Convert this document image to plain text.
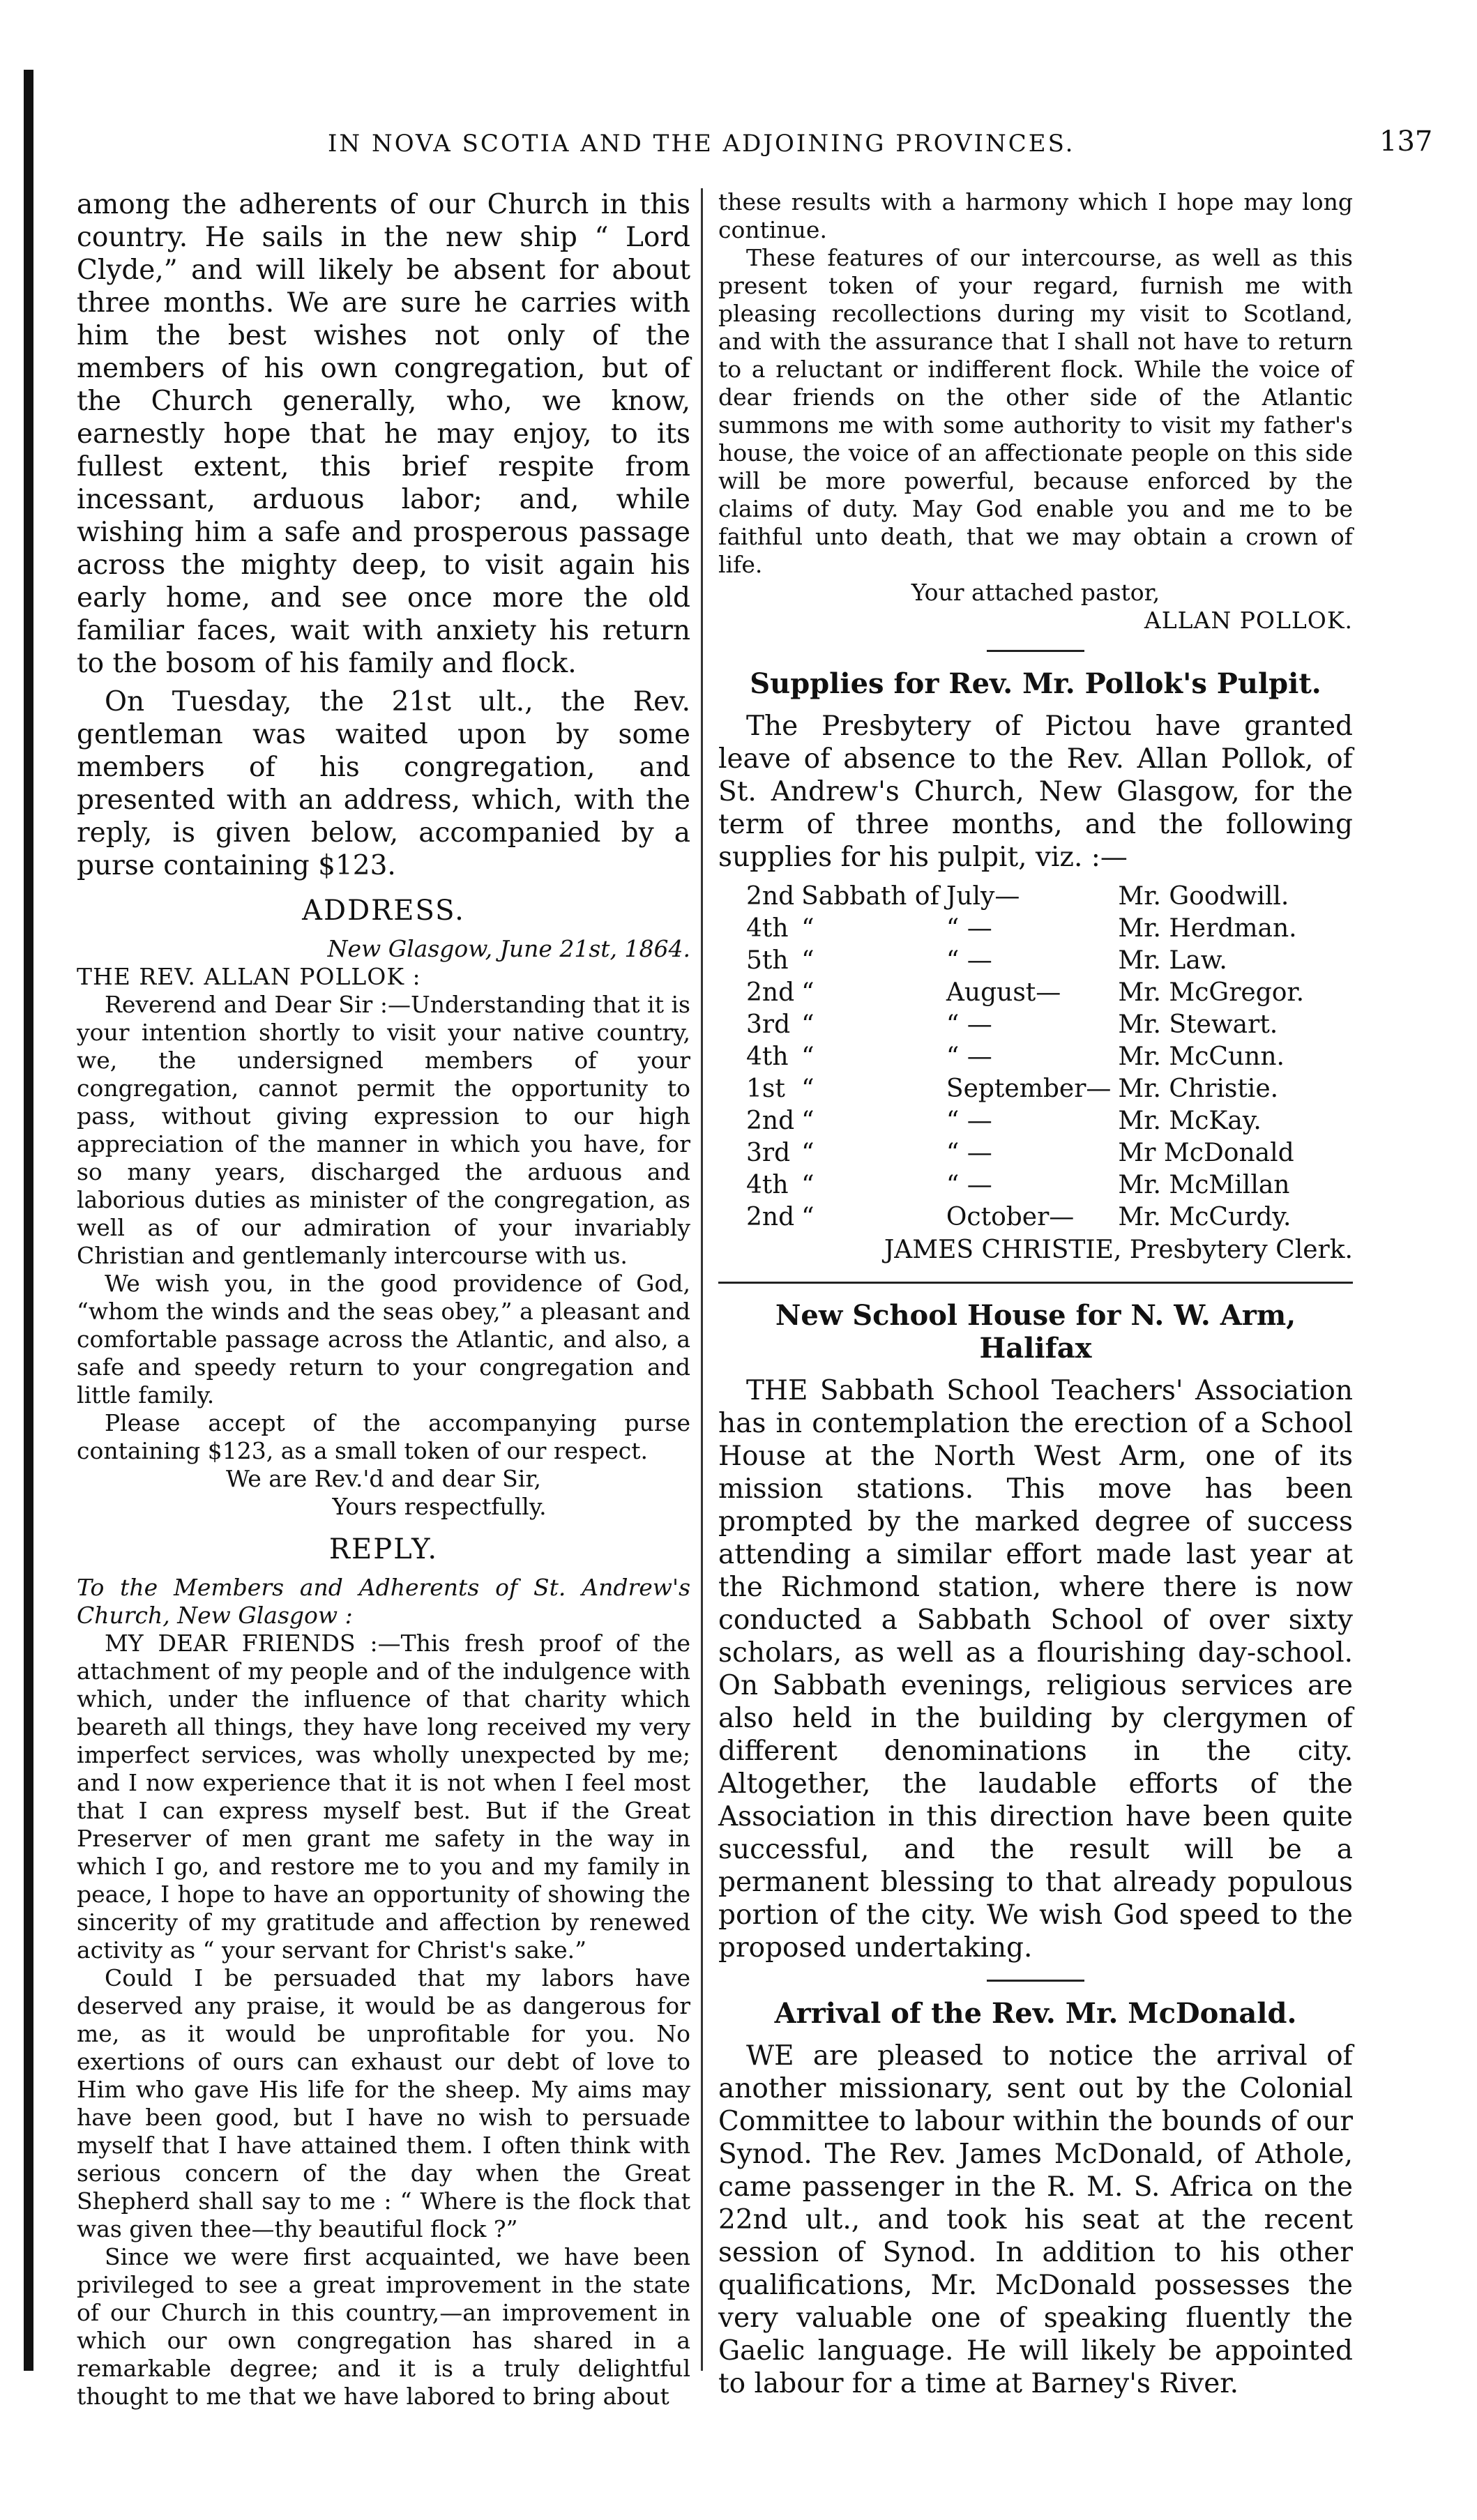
IN NOVA SCOTIA AND THE ADJOINING PROVINCES.	137

among the adherents of our Church in this country. He sails in the new ship “ Lord Clyde,” and will likely be absent for about three months. We are sure he carries with him the best wishes not only of the members of his own congregation, but of the Church generally, who, we know, earnestly hope that he may enjoy, to its fullest extent, this brief respite from incessant, arduous labor; and, while wishing him a safe and prosperous passage across the mighty deep, to visit again his early home, and see once more the old familiar faces, wait with anxiety his return to the bosom of his family and flock.

On Tuesday, the 21st ult., the Rev. gentleman was waited upon by some members of his congregation, and presented with an address, which, with the reply, is given below, accompanied by a purse containing $123.

ADDRESS.

New Glasgow, June 21st, 1864.

THE REV. ALLAN POLLOK :

Reverend and Dear Sir :—Understanding that it is your intention shortly to visit your native country, we, the undersigned members of your congregation, cannot permit the opportunity to pass, without giving expression to our high appreciation of the manner in which you have, for so many years, discharged the arduous and laborious duties as minister of the congregation, as well as of our admiration of your invariably Christian and gentlemanly intercourse with us.

We wish you, in the good providence of God, “whom the winds and the seas obey,” a pleasant and comfortable passage across the Atlantic, and also, a safe and speedy return to your congregation and little family.

Please accept of the accompanying purse containing $123, as a small token of our respect.

We are Rev.'d and dear Sir,

Yours respectfully.

REPLY.

To the Members and Adherents of St. Andrew's Church, New Glasgow :

MY DEAR FRIENDS :—This fresh proof of the attachment of my people and of the indulgence with which, under the influence of that charity which beareth all things, they have long received my very imperfect services, was wholly unexpected by me; and I now experience that it is not when I feel most that I can express myself best. But if the Great Preserver of men grant me safety in the way in which I go, and restore me to you and my family in peace, I hope to have an opportunity of showing the sincerity of my gratitude and affection by renewed activity as “ your servant for Christ's sake.”

Could I be persuaded that my labors have deserved any praise, it would be as dangerous for me, as it would be unprofitable for you. No exertions of ours can exhaust our debt of love to Him who gave His life for the sheep. My aims may have been good, but I have no wish to persuade myself that I have attained them. I often think with serious concern of the day when the Great Shepherd shall say to me : “ Where is the flock that was given thee—thy beautiful flock ?”

Since we were first acquainted, we have been privileged to see a great improvement in the state of our Church in this country,—an improvement in which our own congregation has shared in a remarkable degree; and it is a truly delightful thought to me that we have labored to bring about

these results with a harmony which I hope may long continue.

These features of our intercourse, as well as this present token of your regard, furnish me with pleasing recollections during my visit to Scotland, and with the assurance that I shall not have to return to a reluctant or indifferent flock. While the voice of dear friends on the other side of the Atlantic summons me with some authority to visit my father's house, the voice of an affectionate people on this side will be more powerful, because enforced by the claims of duty. May God enable you and me to be faithful unto death, that we may obtain a crown of life.

Your attached pastor,

ALLAN POLLOK.

Supplies for Rev. Mr. Pollok's Pulpit.

The Presbytery of Pictou have granted leave of absence to the Rev. Allan Pollok, of St. Andrew's Church, New Glasgow, for the term of three months, and the following supplies for his pulpit, viz. :—

2nd	Sabbath of	July—	Mr. Goodwill.
4th	“	“ —	Mr. Herdman.
5th	“	“ —	Mr. Law.
2nd	“	August—	Mr. McGregor.
3rd	“	“ —	Mr. Stewart.
4th	“	“ —	Mr. McCunn.
1st	“	September—	Mr. Christie.
2nd	“	“ —	Mr. McKay.
3rd	“	“ —	Mr McDonald
4th	“	“ —	Mr. McMillan
2nd	“	October—	Mr. McCurdy.

JAMES CHRISTIE, Presbytery Clerk.

New School House for N. W. Arm, Halifax

THE Sabbath School Teachers' Association has in contemplation the erection of a School House at the North West Arm, one of its mission stations. This move has been prompted by the marked degree of success attending a similar effort made last year at the Richmond station, where there is now conducted a Sabbath School of over sixty scholars, as well as a flourishing day-school. On Sabbath evenings, religious services are also held in the building by clergymen of different denominations in the city. Altogether, the laudable efforts of the Association in this direction have been quite successful, and the result will be a permanent blessing to that already populous portion of the city. We wish God speed to the proposed undertaking.

Arrival of the Rev. Mr. McDonald.

WE are pleased to notice the arrival of another missionary, sent out by the Colonial Committee to labour within the bounds of our Synod. The Rev. James McDonald, of Athole, came passenger in the R. M. S. Africa on the 22nd ult., and took his seat at the recent session of Synod. In addition to his other qualifications, Mr. McDonald possesses the very valuable one of speaking fluently the Gaelic language. He will likely be appointed to labour for a time at Barney's River.
